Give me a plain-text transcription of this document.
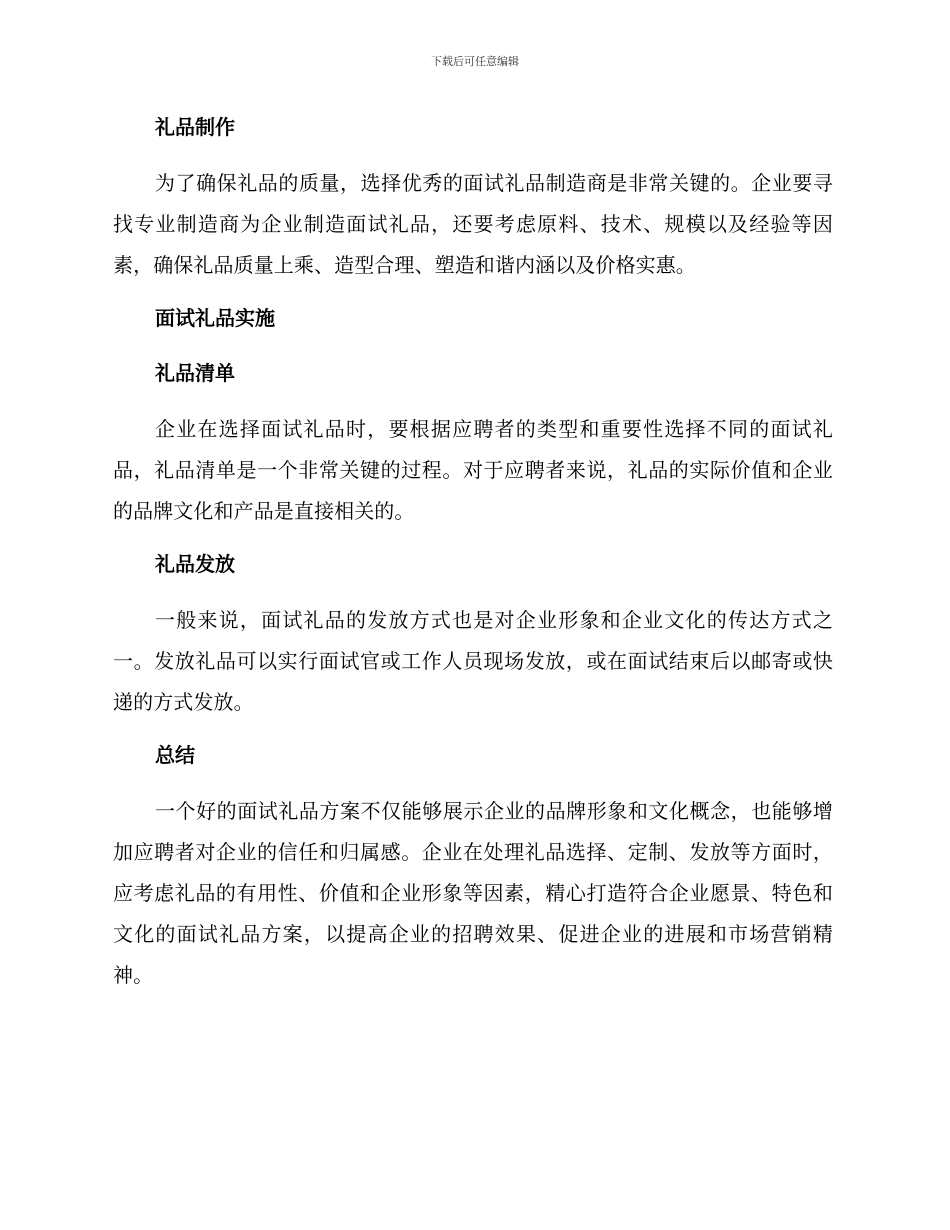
下载后可任意编辑
礼品制作
为了确保礼品的质量，选择优秀的面试礼品制造商是非常关键的。企业要寻找专业制造商为企业制造面试礼品，还要考虑原料、技术、规模以及经验等因素，确保礼品质量上乘、造型合理、塑造和谐内涵以及价格实惠。
面试礼品实施
礼品清单
企业在选择面试礼品时，要根据应聘者的类型和重要性选择不同的面试礼品，礼品清单是一个非常关键的过程。对于应聘者来说，礼品的实际价值和企业的品牌文化和产品是直接相关的。
礼品发放
一般来说，面试礼品的发放方式也是对企业形象和企业文化的传达方式之一。发放礼品可以实行面试官或工作人员现场发放，或在面试结束后以邮寄或快递的方式发放。
总结
一个好的面试礼品方案不仅能够展示企业的品牌形象和文化概念，也能够增加应聘者对企业的信任和归属感。企业在处理礼品选择、定制、发放等方面时，应考虑礼品的有用性、价值和企业形象等因素，精心打造符合企业愿景、特色和文化的面试礼品方案，以提高企业的招聘效果、促进企业的进展和市场营销精神。
